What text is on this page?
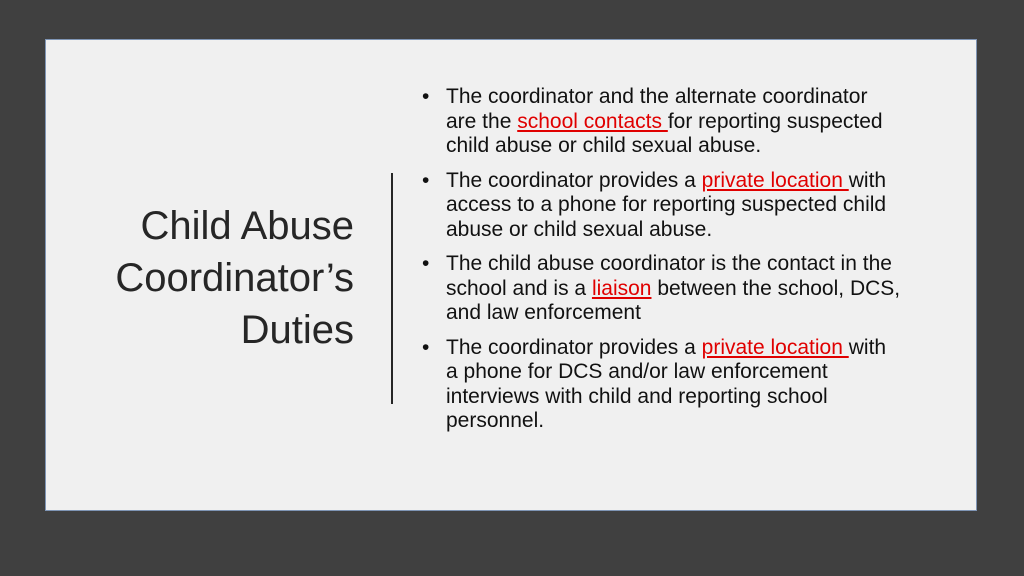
Child Abuse
Coordinator’s
Duties
• The coordinator and the alternate coordinator
are the school contacts for reporting suspected
child abuse or child sexual abuse.
• The coordinator provides a private location with
access to a phone for reporting suspected child
abuse or child sexual abuse.
• The child abuse coordinator is the contact in the
school and is a liaison between the school, DCS,
and law enforcement
• The coordinator provides a private location with
a phone for DCS and/or law enforcement
interviews with child and reporting school
personnel.
